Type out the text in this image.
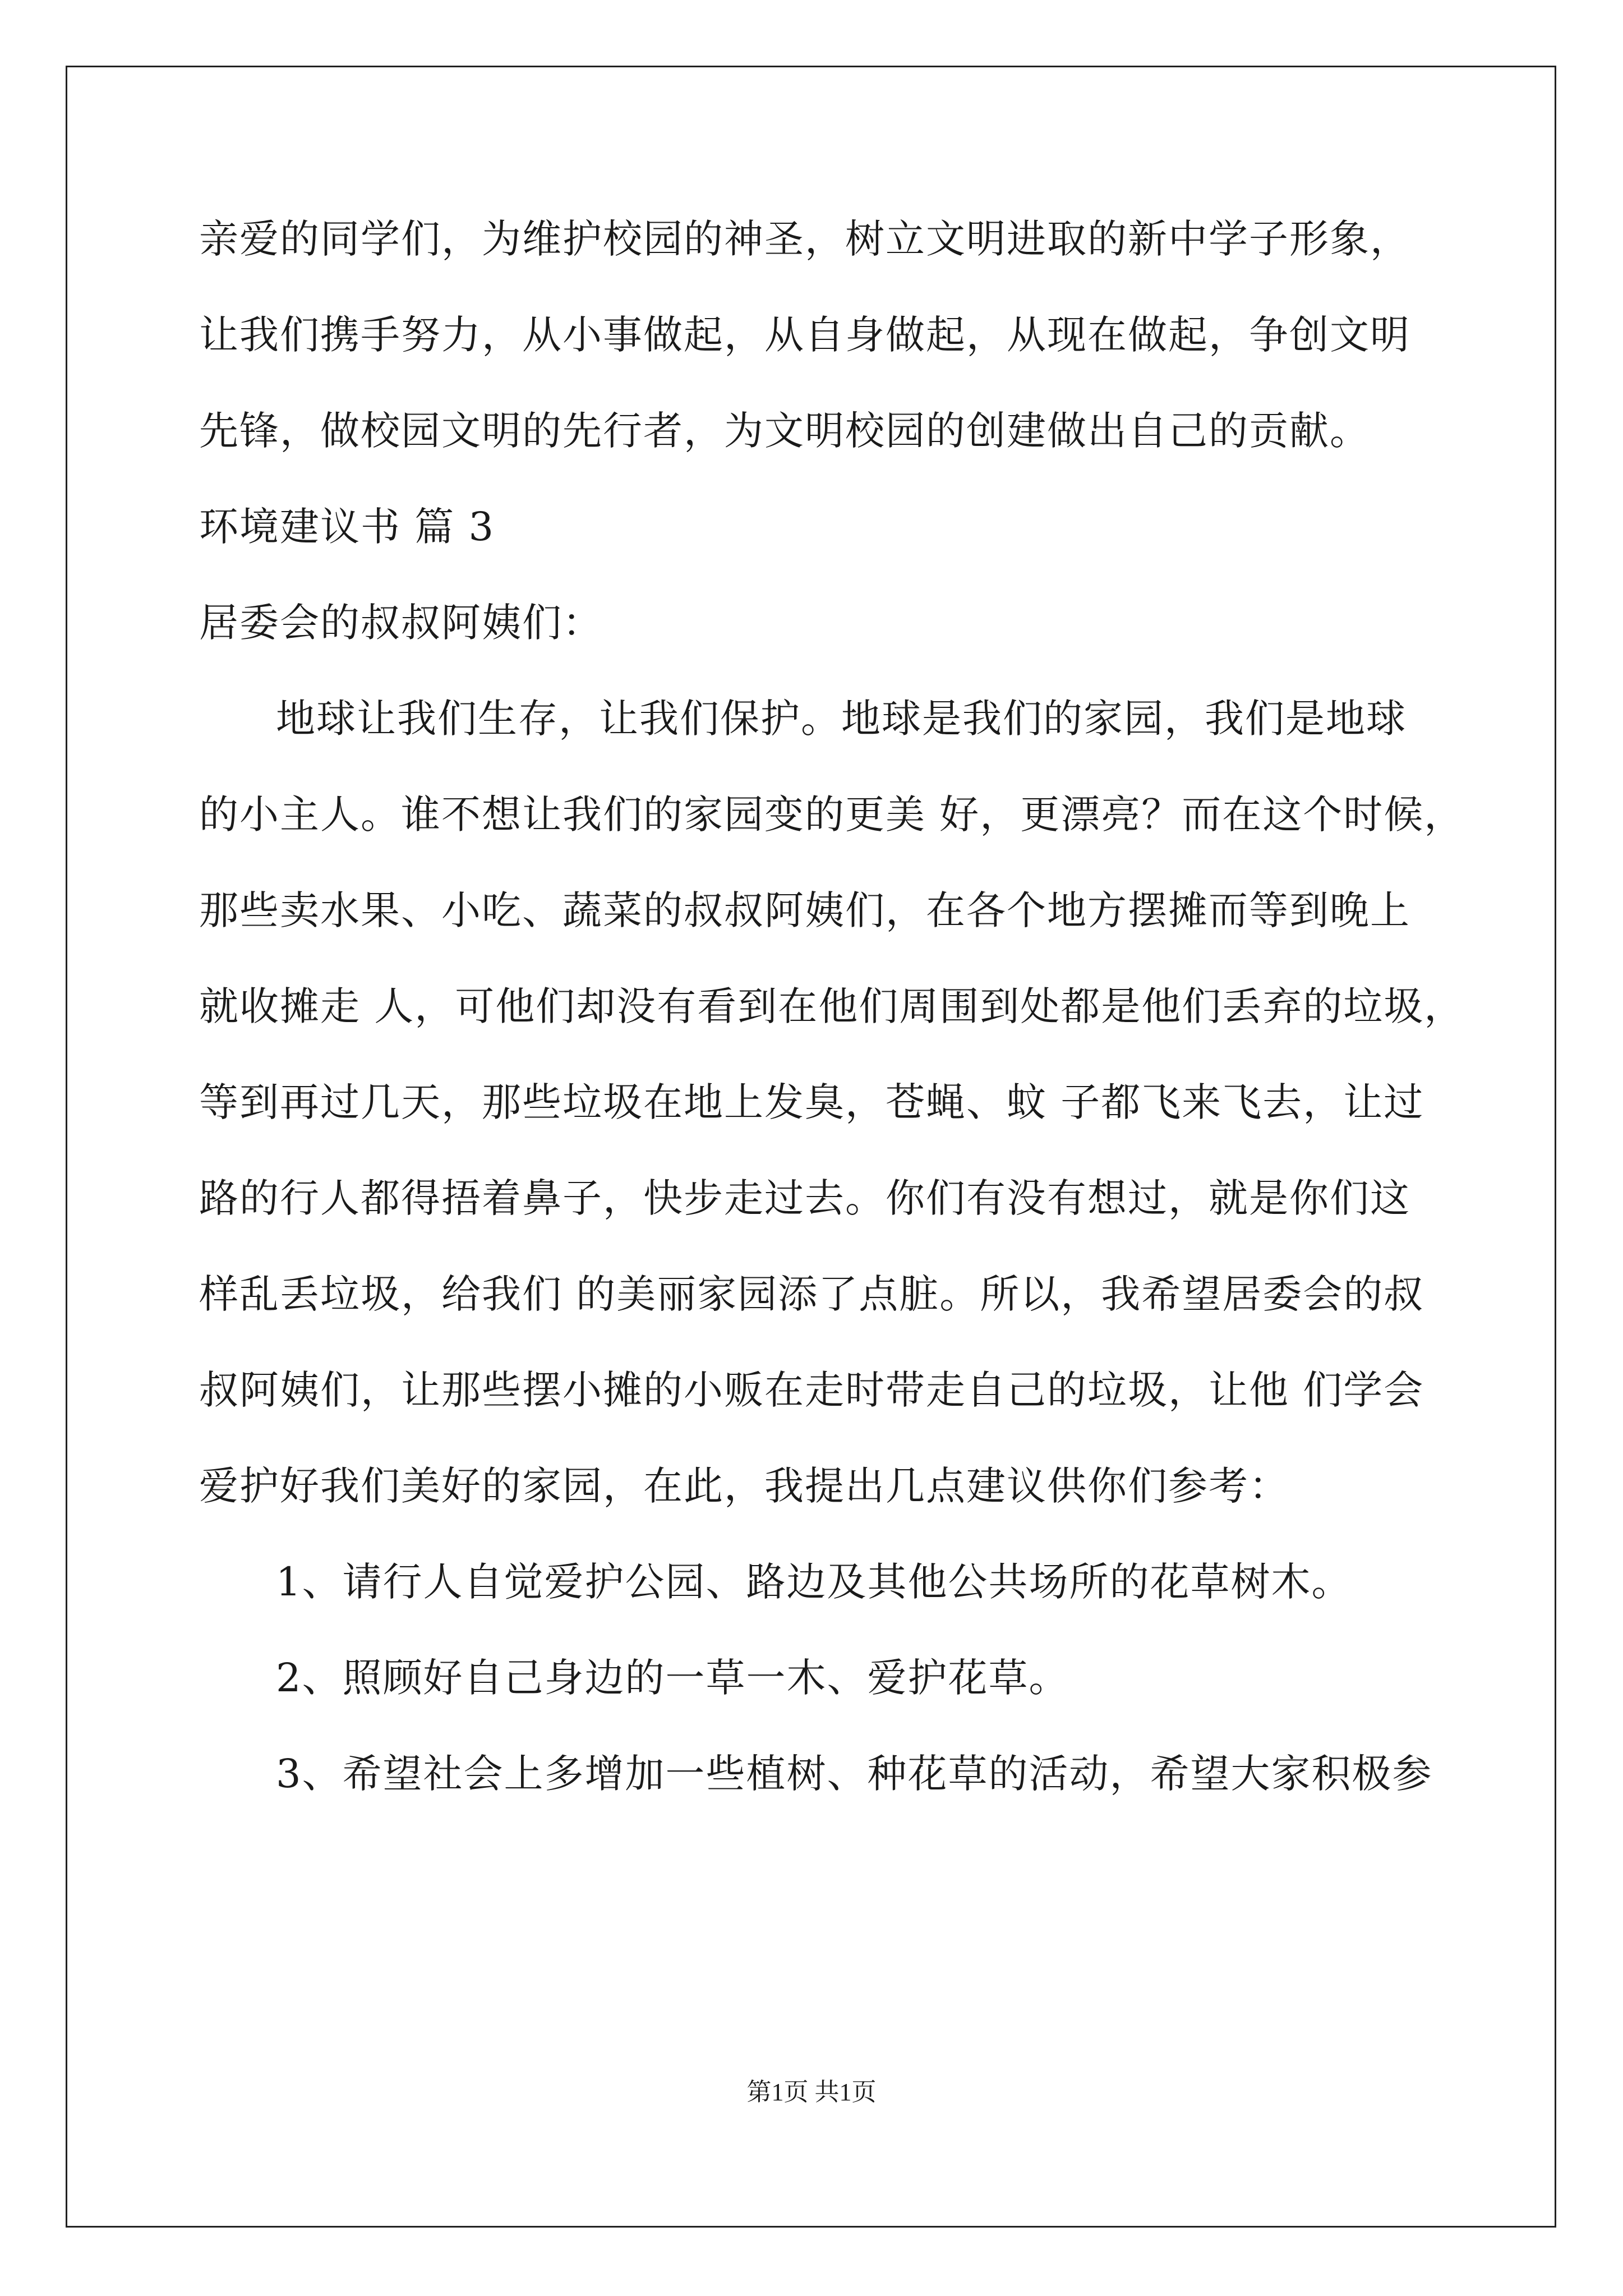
亲爱的同学们，为维护校园的神圣，树立文明进取的新中学子形象，
让我们携手努力，从小事做起，从自身做起，从现在做起，争创文明
先锋，做校园文明的先行者，为文明校园的创建做出自己的贡献。
环境建议书 篇 3
居委会的叔叔阿姨们：
地球让我们生存，让我们保护。地球是我们的家园，我们是地球
的小主人。谁不想让我们的家园变的更美 好，更漂亮？而在这个时候，
那些卖水果、小吃、蔬菜的叔叔阿姨们，在各个地方摆摊而等到晚上
就收摊走 人，可他们却没有看到在他们周围到处都是他们丢弃的垃圾，
等到再过几天，那些垃圾在地上发臭，苍蝇、蚊 子都飞来飞去，让过
路的行人都得捂着鼻子，快步走过去。你们有没有想过，就是你们这
样乱丢垃圾，给我们 的美丽家园添了点脏。所以，我希望居委会的叔
叔阿姨们，让那些摆小摊的小贩在走时带走自己的垃圾，让他 们学会
爱护好我们美好的家园，在此，我提出几点建议供你们参考：
1、请行人自觉爱护公园、路边及其他公共场所的花草树木。
2、照顾好自己身边的一草一木、爱护花草。
3、希望社会上多增加一些植树、种花草的活动，希望大家积极参
第1页 共1页
